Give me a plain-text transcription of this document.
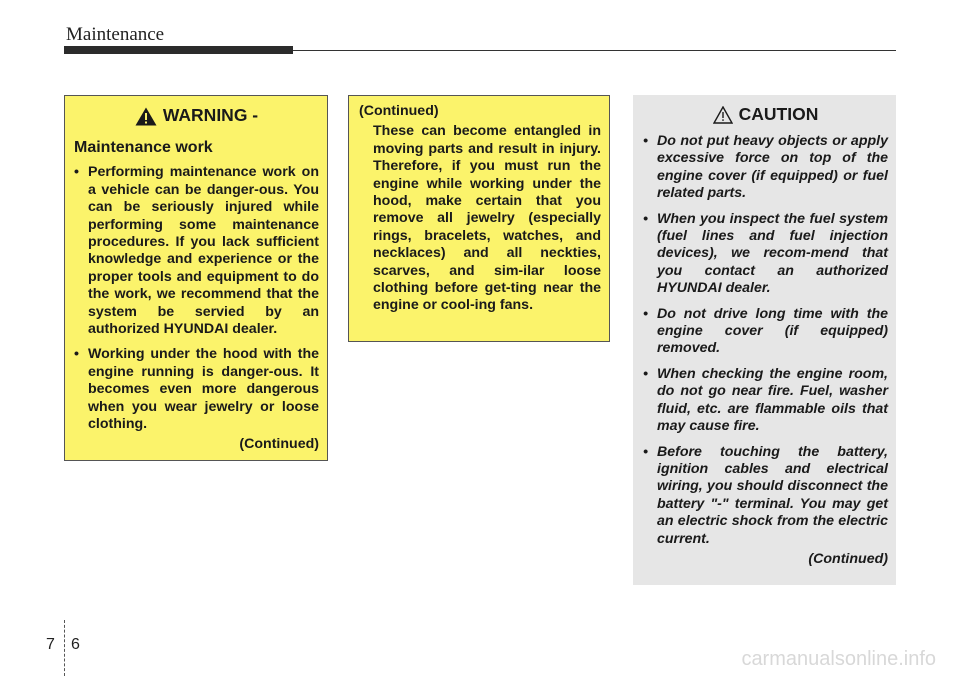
Maintenance
WARNING -
Maintenance work
• Performing maintenance work on a vehicle can be danger-ous. You can be seriously injured while performing some maintenance procedures. If you lack sufficient knowledge and experience or the proper tools and equipment to do the work, we recommend that the system be servied by an authorized HYUNDAI dealer.
• Working under the hood with the engine running is danger-ous. It becomes even more dangerous when you wear jewelry or loose clothing.
(Continued)
(Continued)
These can become entangled in moving parts and result in injury. Therefore, if you must run the engine while working under the hood, make certain that you remove all jewelry (especially rings, bracelets, watches, and necklaces) and all neckties, scarves, and sim-ilar loose clothing before get-ting near the engine or cool-ing fans.
CAUTION
• Do not put heavy objects or apply excessive force on top of the engine cover (if equipped) or fuel related parts.
• When you inspect the fuel system (fuel lines and fuel injection devices), we recom-mend that you contact an authorized HYUNDAI dealer.
• Do not drive long time with the engine cover (if equipped) removed.
• When checking the engine room, do not go near fire. Fuel, washer fluid, etc. are flammable oils that may cause fire.
• Before touching the battery, ignition cables and electrical wiring, you should disconnect the battery "-" terminal. You may get an electric shock from the electric current.
(Continued)
7 6
carmanualsonline.info
